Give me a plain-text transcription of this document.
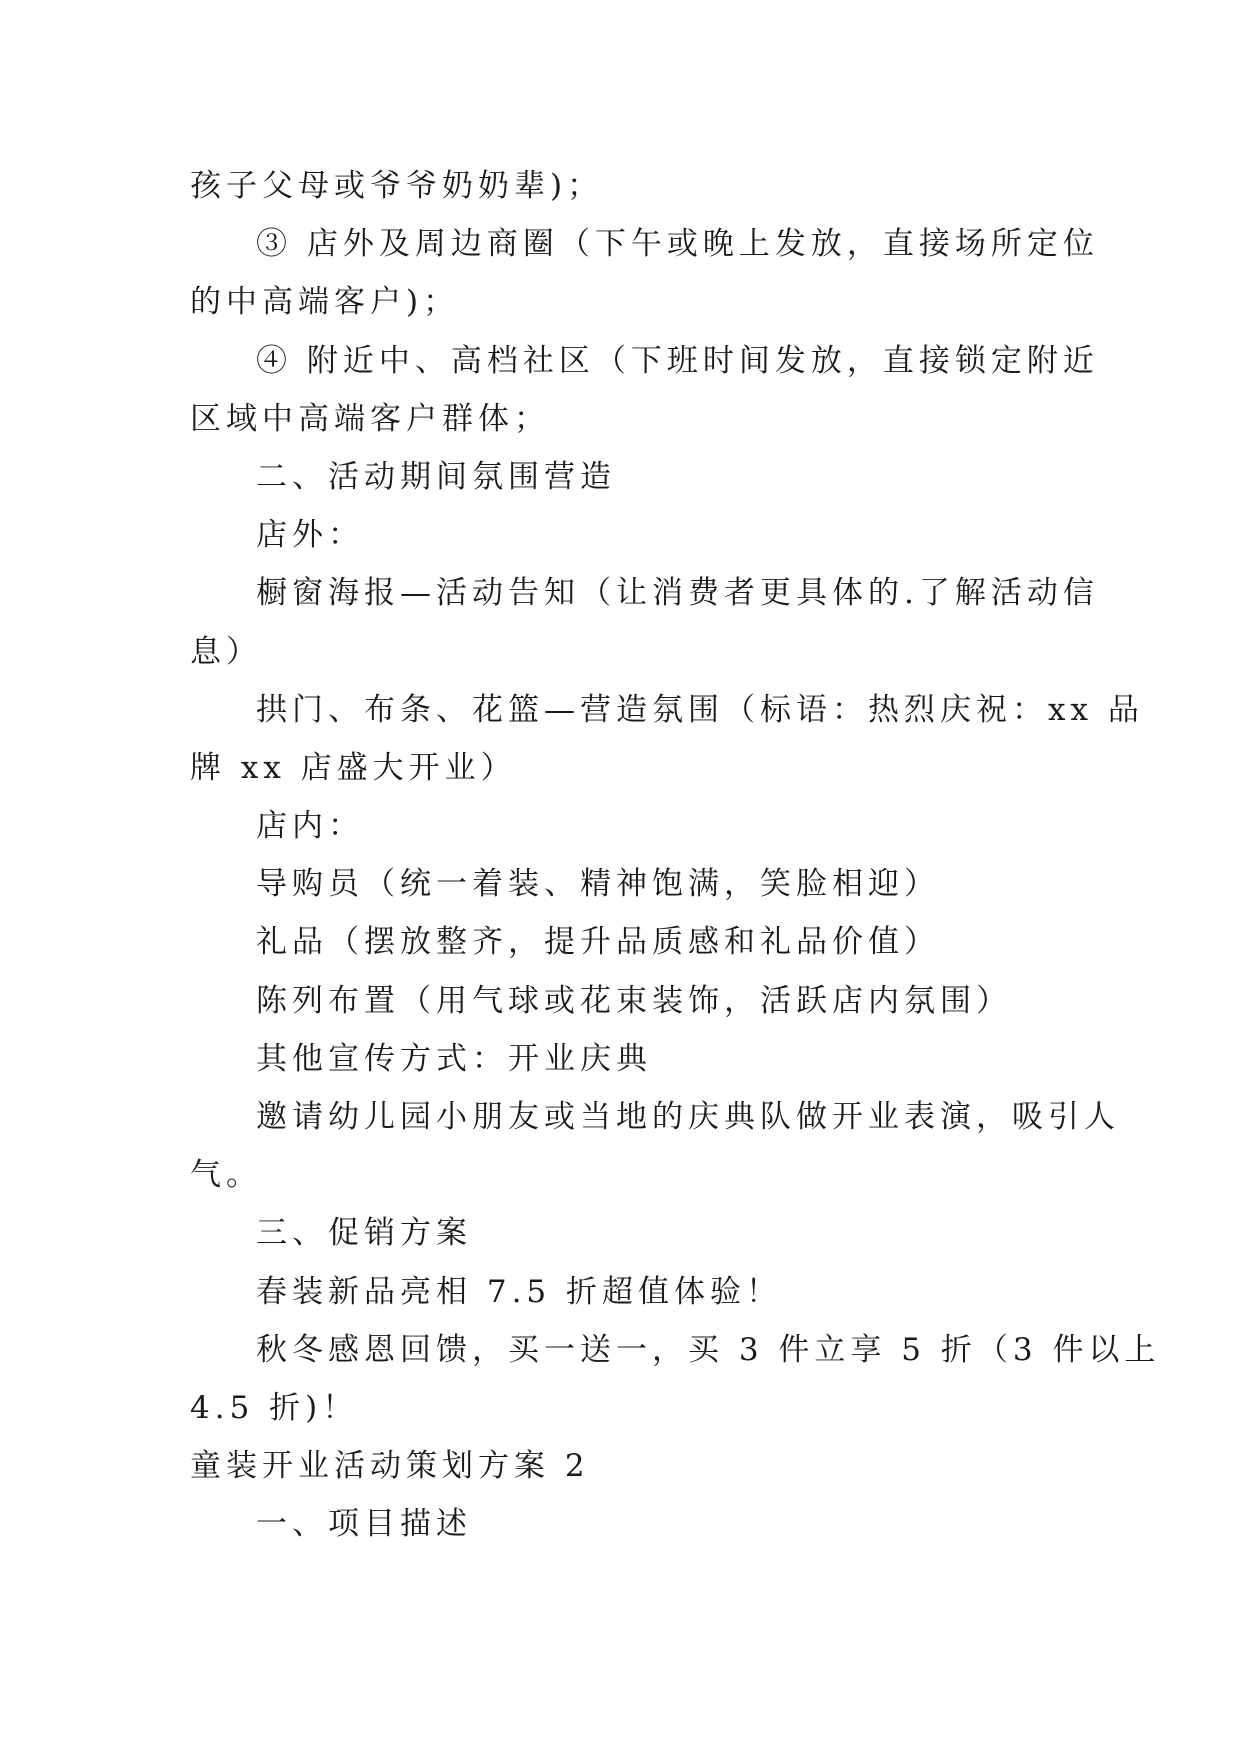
孩子父母或爷爷奶奶辈)；
③ 店外及周边商圈（下午或晚上发放，直接场所定位
的中高端客户)；
④ 附近中、高档社区（下班时间发放，直接锁定附近
区域中高端客户群体；
二、活动期间氛围营造
店外：
橱窗海报—活动告知（让消费者更具体的.了解活动信
息）
拱门、布条、花篮—营造氛围（标语：热烈庆祝：xx 品
牌 xx 店盛大开业）
店内：
导购员（统一着装、精神饱满，笑脸相迎）
礼品（摆放整齐，提升品质感和礼品价值）
陈列布置（用气球或花束装饰，活跃店内氛围）
其他宣传方式：开业庆典
邀请幼儿园小朋友或当地的庆典队做开业表演，吸引人
气。
三、促销方案
春装新品亮相 7.5 折超值体验！
秋冬感恩回馈，买一送一，买 3 件立享 5 折（3 件以上
4.5 折)！
童装开业活动策划方案 2
一、项目描述
